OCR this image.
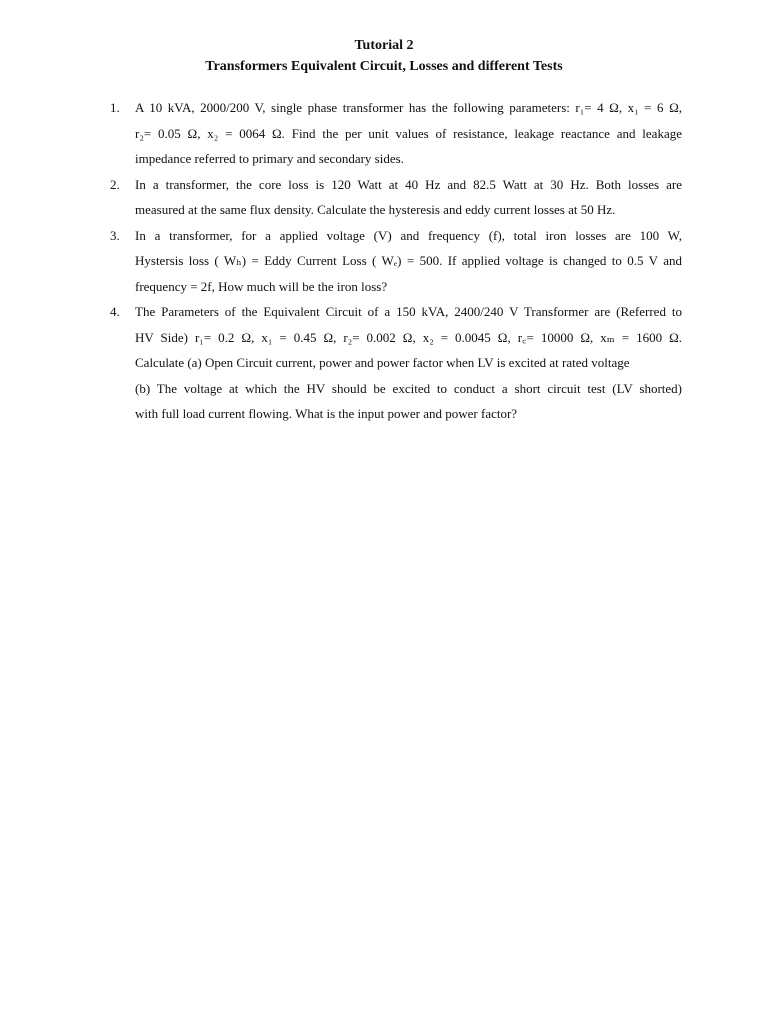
Tutorial 2
Transformers Equivalent Circuit, Losses and different Tests
1. A 10 kVA, 2000/200 V, single phase transformer has the following parameters: r₁= 4 Ω, x₁ = 6 Ω,
r₂= 0.05 Ω, x₂ = 0064 Ω. Find the per unit values of resistance, leakage reactance and leakage
impedance referred to primary and secondary sides.
2. In a transformer, the core loss is 120 Watt at 40 Hz and 82.5 Watt at 30 Hz. Both losses are
measured at the same flux density. Calculate the hysteresis and eddy current losses at 50 Hz.
3. In a transformer, for a applied voltage (V) and frequency (f), total iron losses are 100 W,
Hystersis loss ( Wₕ) = Eddy Current Loss ( Wₑ) = 500. If applied voltage is changed to 0.5 V and
frequency = 2f, How much will be the iron loss?
4. The Parameters of the Equivalent Circuit of a 150 kVA, 2400/240 V Transformer are (Referred to
HV Side) r₁= 0.2 Ω, x₁ = 0.45 Ω, r₂= 0.002 Ω, x₂ = 0.0045 Ω, r꜀= 10000 Ω, xₘ = 1600 Ω.
Calculate (a) Open Circuit current, power and power factor when LV is excited at rated voltage
(b) The voltage at which the HV should be excited to conduct a short circuit test (LV shorted)
with full load current flowing. What is the input power and power factor?
